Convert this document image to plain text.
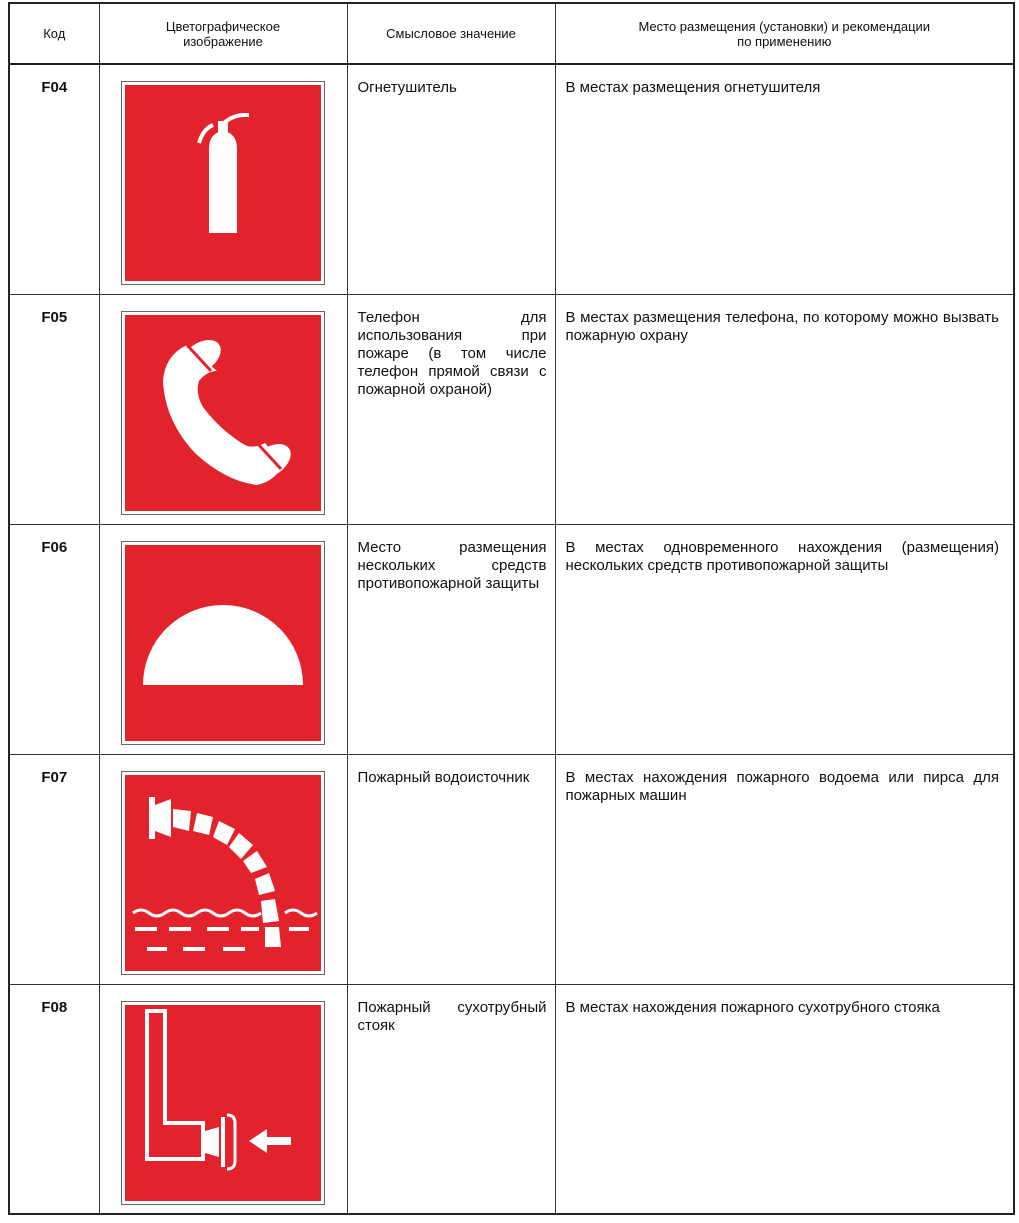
Код	Цветографическое изображение	Смысловое значение	Место размещения (установки) и рекомендации по применению

F04		Огнетушитель	В местах размещения огнетушителя

F05		Телефон для использования при пожаре (в том числе телефон прямой связи с пожарной охраной)	В местах размещения телефона, по которому можно вызвать пожарную охрану

F06		Место размещения нескольких средств противопожарной защиты	В местах одновременного нахождения (размещения) нескольких средств противопожарной защиты

F07		Пожарный водоисточник	В местах нахождения пожарного водоема или пирса для пожарных машин

F08		Пожарный сухотрубный стояк	В местах нахождения пожарного сухотрубного стояка
